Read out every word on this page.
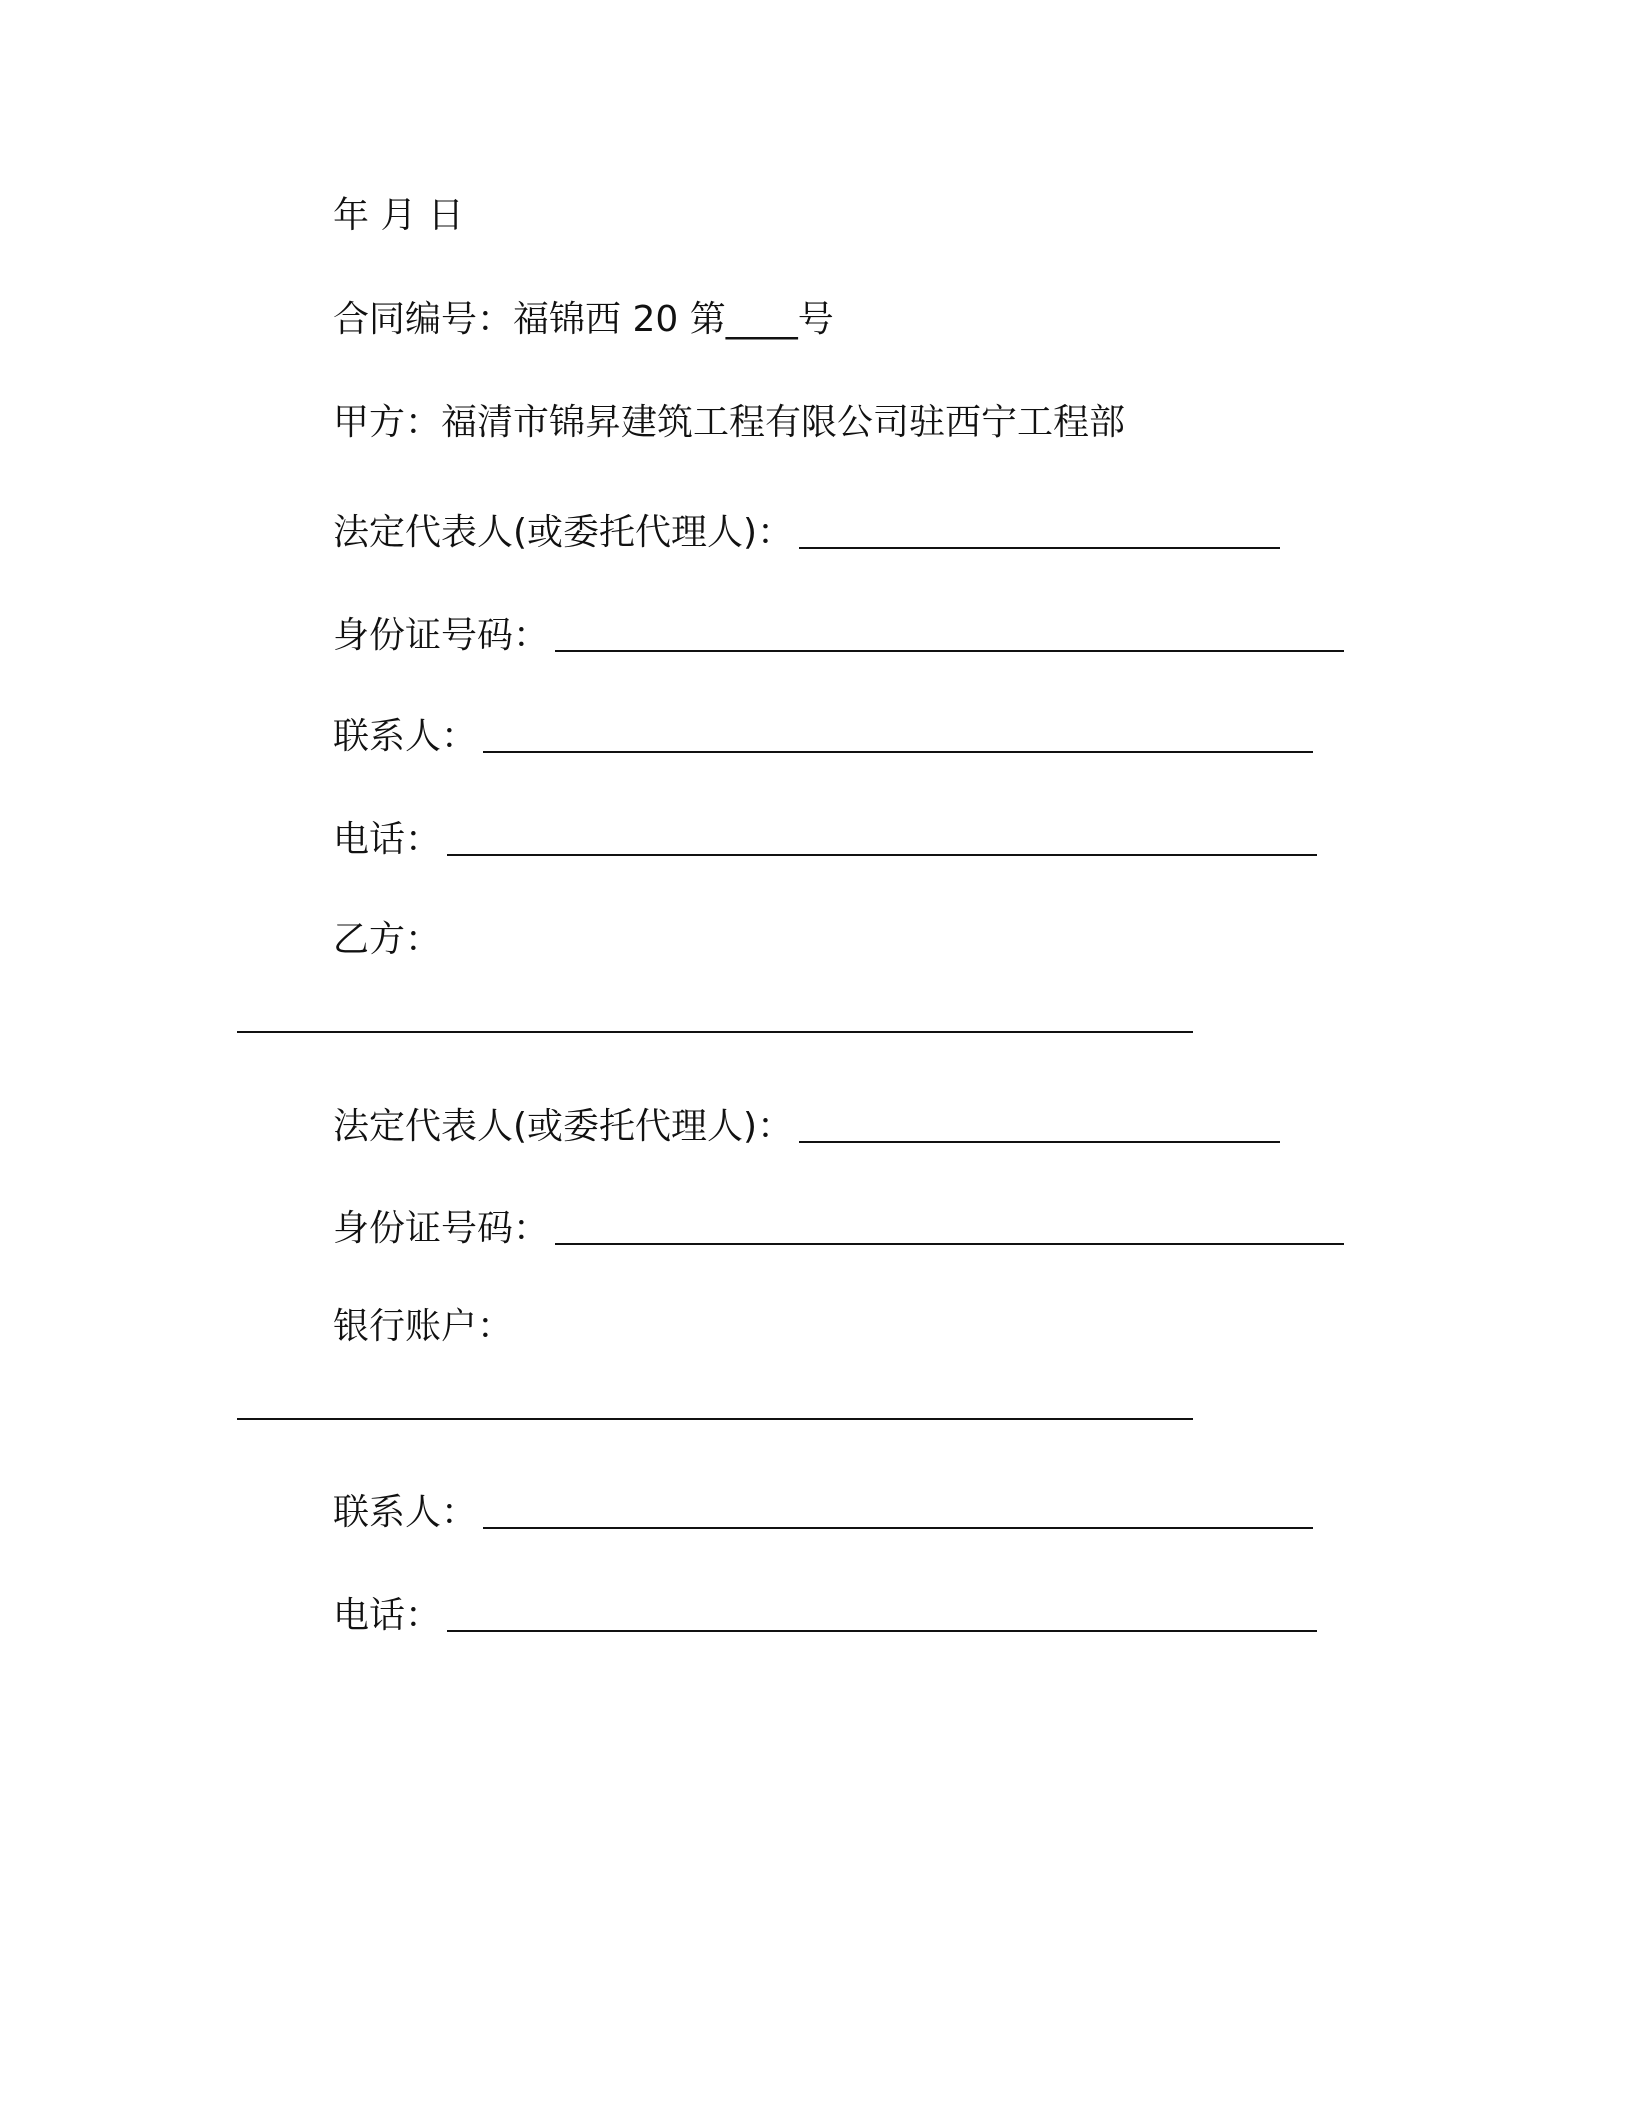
年 月 日
合同编号：福锦西 20 第____号
甲方：福清市锦昇建筑工程有限公司驻西宁工程部
法定代表人(或委托代理人)：
身份证号码：
联系人：
电话：
乙方：
法定代表人(或委托代理人)：
身份证号码：
银行账户：
联系人：
电话：
